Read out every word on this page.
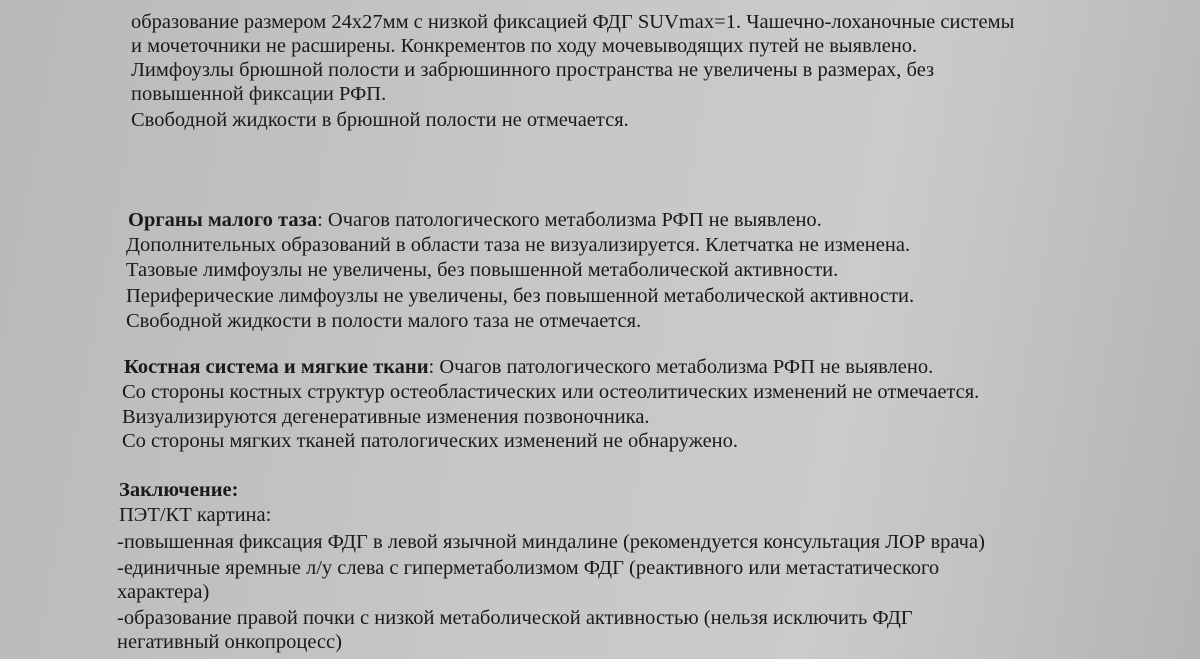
образование размером 24х27мм с низкой фиксацией ФДГ SUVmax=1. Чашечно-лоханочные системы
и мочеточники не расширены. Конкрементов по ходу мочевыводящих путей не выявлено.
Лимфоузлы брюшной полости и забрюшинного пространства не увеличены в размерах, без
повышенной фиксации РФП.
Свободной жидкости в брюшной полости не отмечается.
Органы малого таза: Очагов патологического метаболизма РФП не выявлено.
Дополнительных образований в области таза не визуализируется. Клетчатка не изменена.
Тазовые лимфоузлы не увеличены, без повышенной метаболической активности.
Периферические лимфоузлы не увеличены, без повышенной метаболической активности.
Свободной жидкости в полости малого таза не отмечается.
Костная система и мягкие ткани: Очагов патологического метаболизма РФП не выявлено.
Со стороны костных структур остеобластических или остеолитических изменений не отмечается.
Визуализируются дегенеративные изменения позвоночника.
Со стороны мягких тканей патологических изменений не обнаружено.
Заключение:
ПЭТ/КТ картина:
-повышенная фиксация ФДГ в левой язычной миндалине (рекомендуется консультация ЛОР врача)
-единичные яремные л/у слева с гиперметаболизмом ФДГ (реактивного или метастатического
характера)
-образование правой почки с низкой метаболической активностью (нельзя исключить ФДГ
негативный онкопроцесс)
